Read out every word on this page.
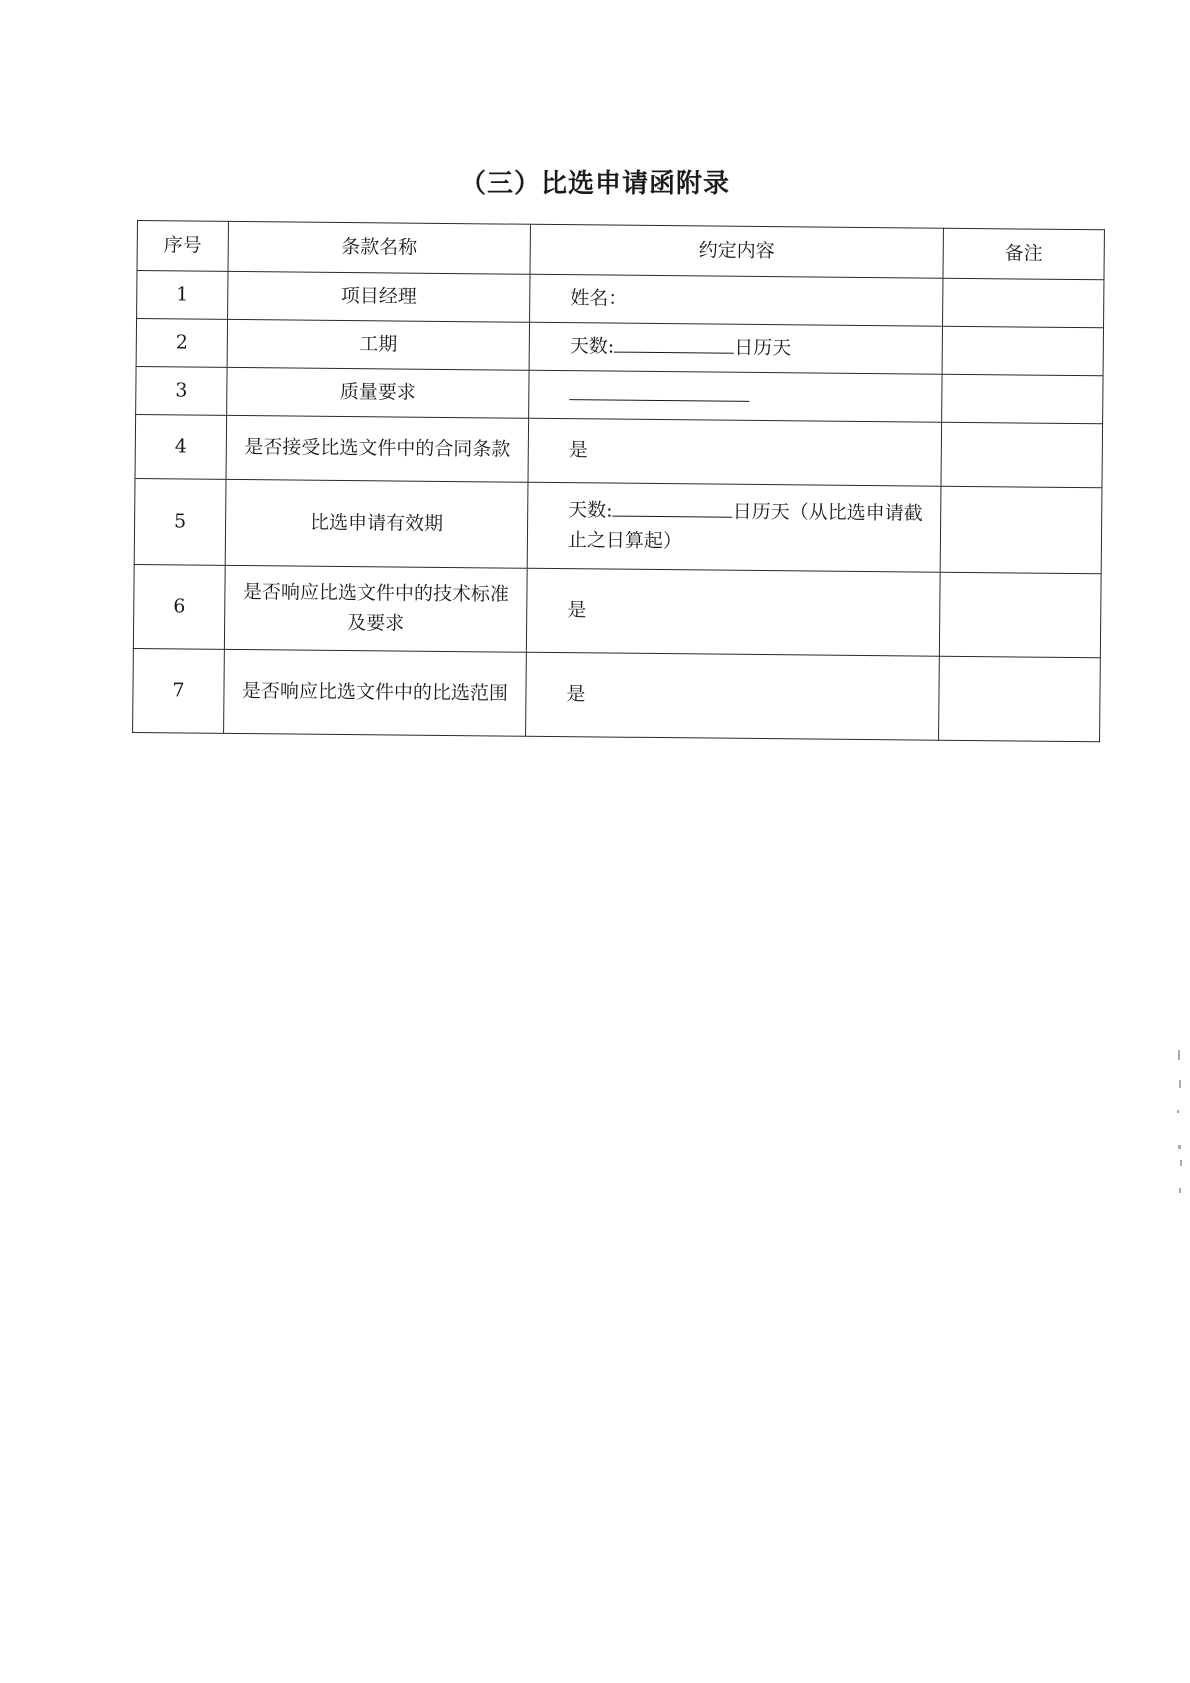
（三）比选申请函附录
序号	条款名称	约定内容	备注
1	项目经理	姓名：	
2	工期	天数: 日历天	
3	质量要求		
4	是否接受比选文件中的合同条款	是	
5	比选申请有效期	天数: 日历天（从比选申请截止之日算起）	
6	是否响应比选文件中的技术标准及要求	是	
7	是否响应比选文件中的比选范围	是	
